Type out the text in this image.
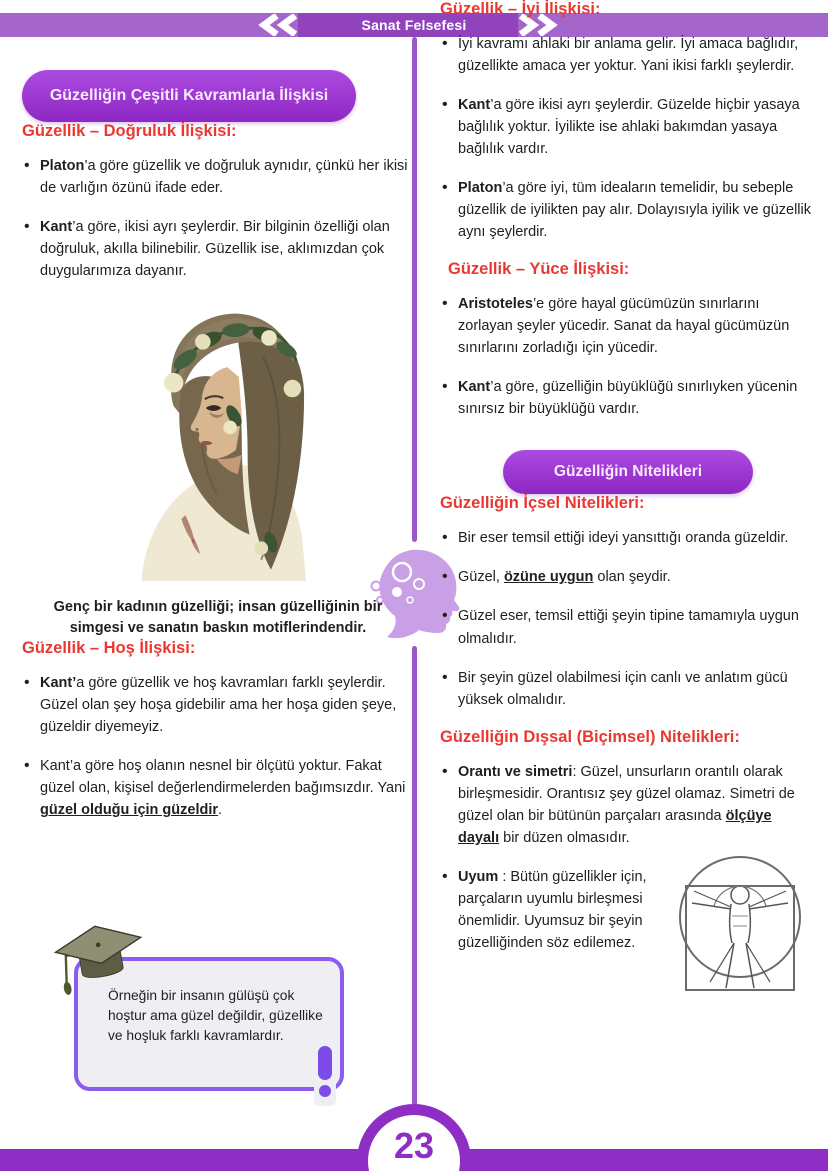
Sanat Felsefesi
Güzelliğin Çeşitli Kavramlarla İlişkisi
Güzellik – Doğruluk İlişkisi:
• Platon’a göre güzellik ve doğruluk aynıdır, çünkü her ikisi de varlığın özünü ifade eder.
• Kant’a göre, ikisi ayrı şeylerdir. Bir bilginin özelliği olan doğruluk, akılla bilinebilir. Güzellik ise, aklımızdan çok duygularımıza dayanır.

Genç bir kadının güzelliği; insan güzelliğinin bir simgesi ve sanatın baskın motiflerindendir.

Güzellik – Hoş İlişkisi:
• Kant’a göre güzellik ve hoş kavramları farklı şeylerdir. Güzel olan şey hoşa gidebilir ama her hoşa giden şeye, güzeldir diyemeyiz.
• Kant’a göre hoş olanın nesnel bir ölçütü yoktur. Fakat güzel olan, kişisel değerlendirmelerden bağımsızdır. Yani güzel olduğu için güzeldir.

Örneğin bir insanın gülüşü çok hoştur ama güzel değildir, güzellike ve hoşluk farklı kavramlardır.

Güzellik – İyi İlişkisi:
• İyi kavramı ahlaki bir anlama gelir. İyi amaca bağlıdır, güzellikte amaca yer yoktur. Yani ikisi farklı şeylerdir.
• Kant’a göre ikisi ayrı şeylerdir. Güzelde hiçbir yasaya bağlılık yoktur. İyilikte ise ahlaki bakımdan yasaya bağlılık vardır.
• Platon’a göre iyi, tüm ideaların temelidir, bu sebeple güzellik de iyilikten pay alır. Dolayısıyla iyilik ve güzellik aynı şeylerdir.
Güzellik – Yüce İlişkisi:
• Aristoteles’e göre hayal gücümüzün sınırlarını zorlayan şeyler yücedir. Sanat da hayal gücümüzün sınırlarını zorladığı için yücedir.
• Kant’a göre, güzelliğin büyüklüğü sınırlıyken yücenin sınırsız bir büyüklüğü vardır.
Güzelliğin Nitelikleri
Güzelliğin İçsel Nitelikleri:
• Bir eser temsil ettiği ideyi yansıttığı oranda güzeldir.
• Güzel, özüne uygun olan şeydir.
• Güzel eser, temsil ettiği şeyin tipine tamamıyla uygun olmalıdır.
• Bir şeyin güzel olabilmesi için canlı ve anlatım gücü yüksek olmalıdır.
Güzelliğin Dışsal (Biçimsel) Nitelikleri:
• Orantı ve simetri: Güzel, unsurların orantılı olarak birleşmesidir. Orantısız şey güzel olamaz. Simetri de güzel olan bir bütünün parçaları arasında ölçüye dayalı bir düzen olmasıdır.
• Uyum : Bütün güzellikler için, parçaların uyumlu birleşmesi önemlidir. Uyumsuz bir şeyin güzelliğinden söz edilemez.
23
